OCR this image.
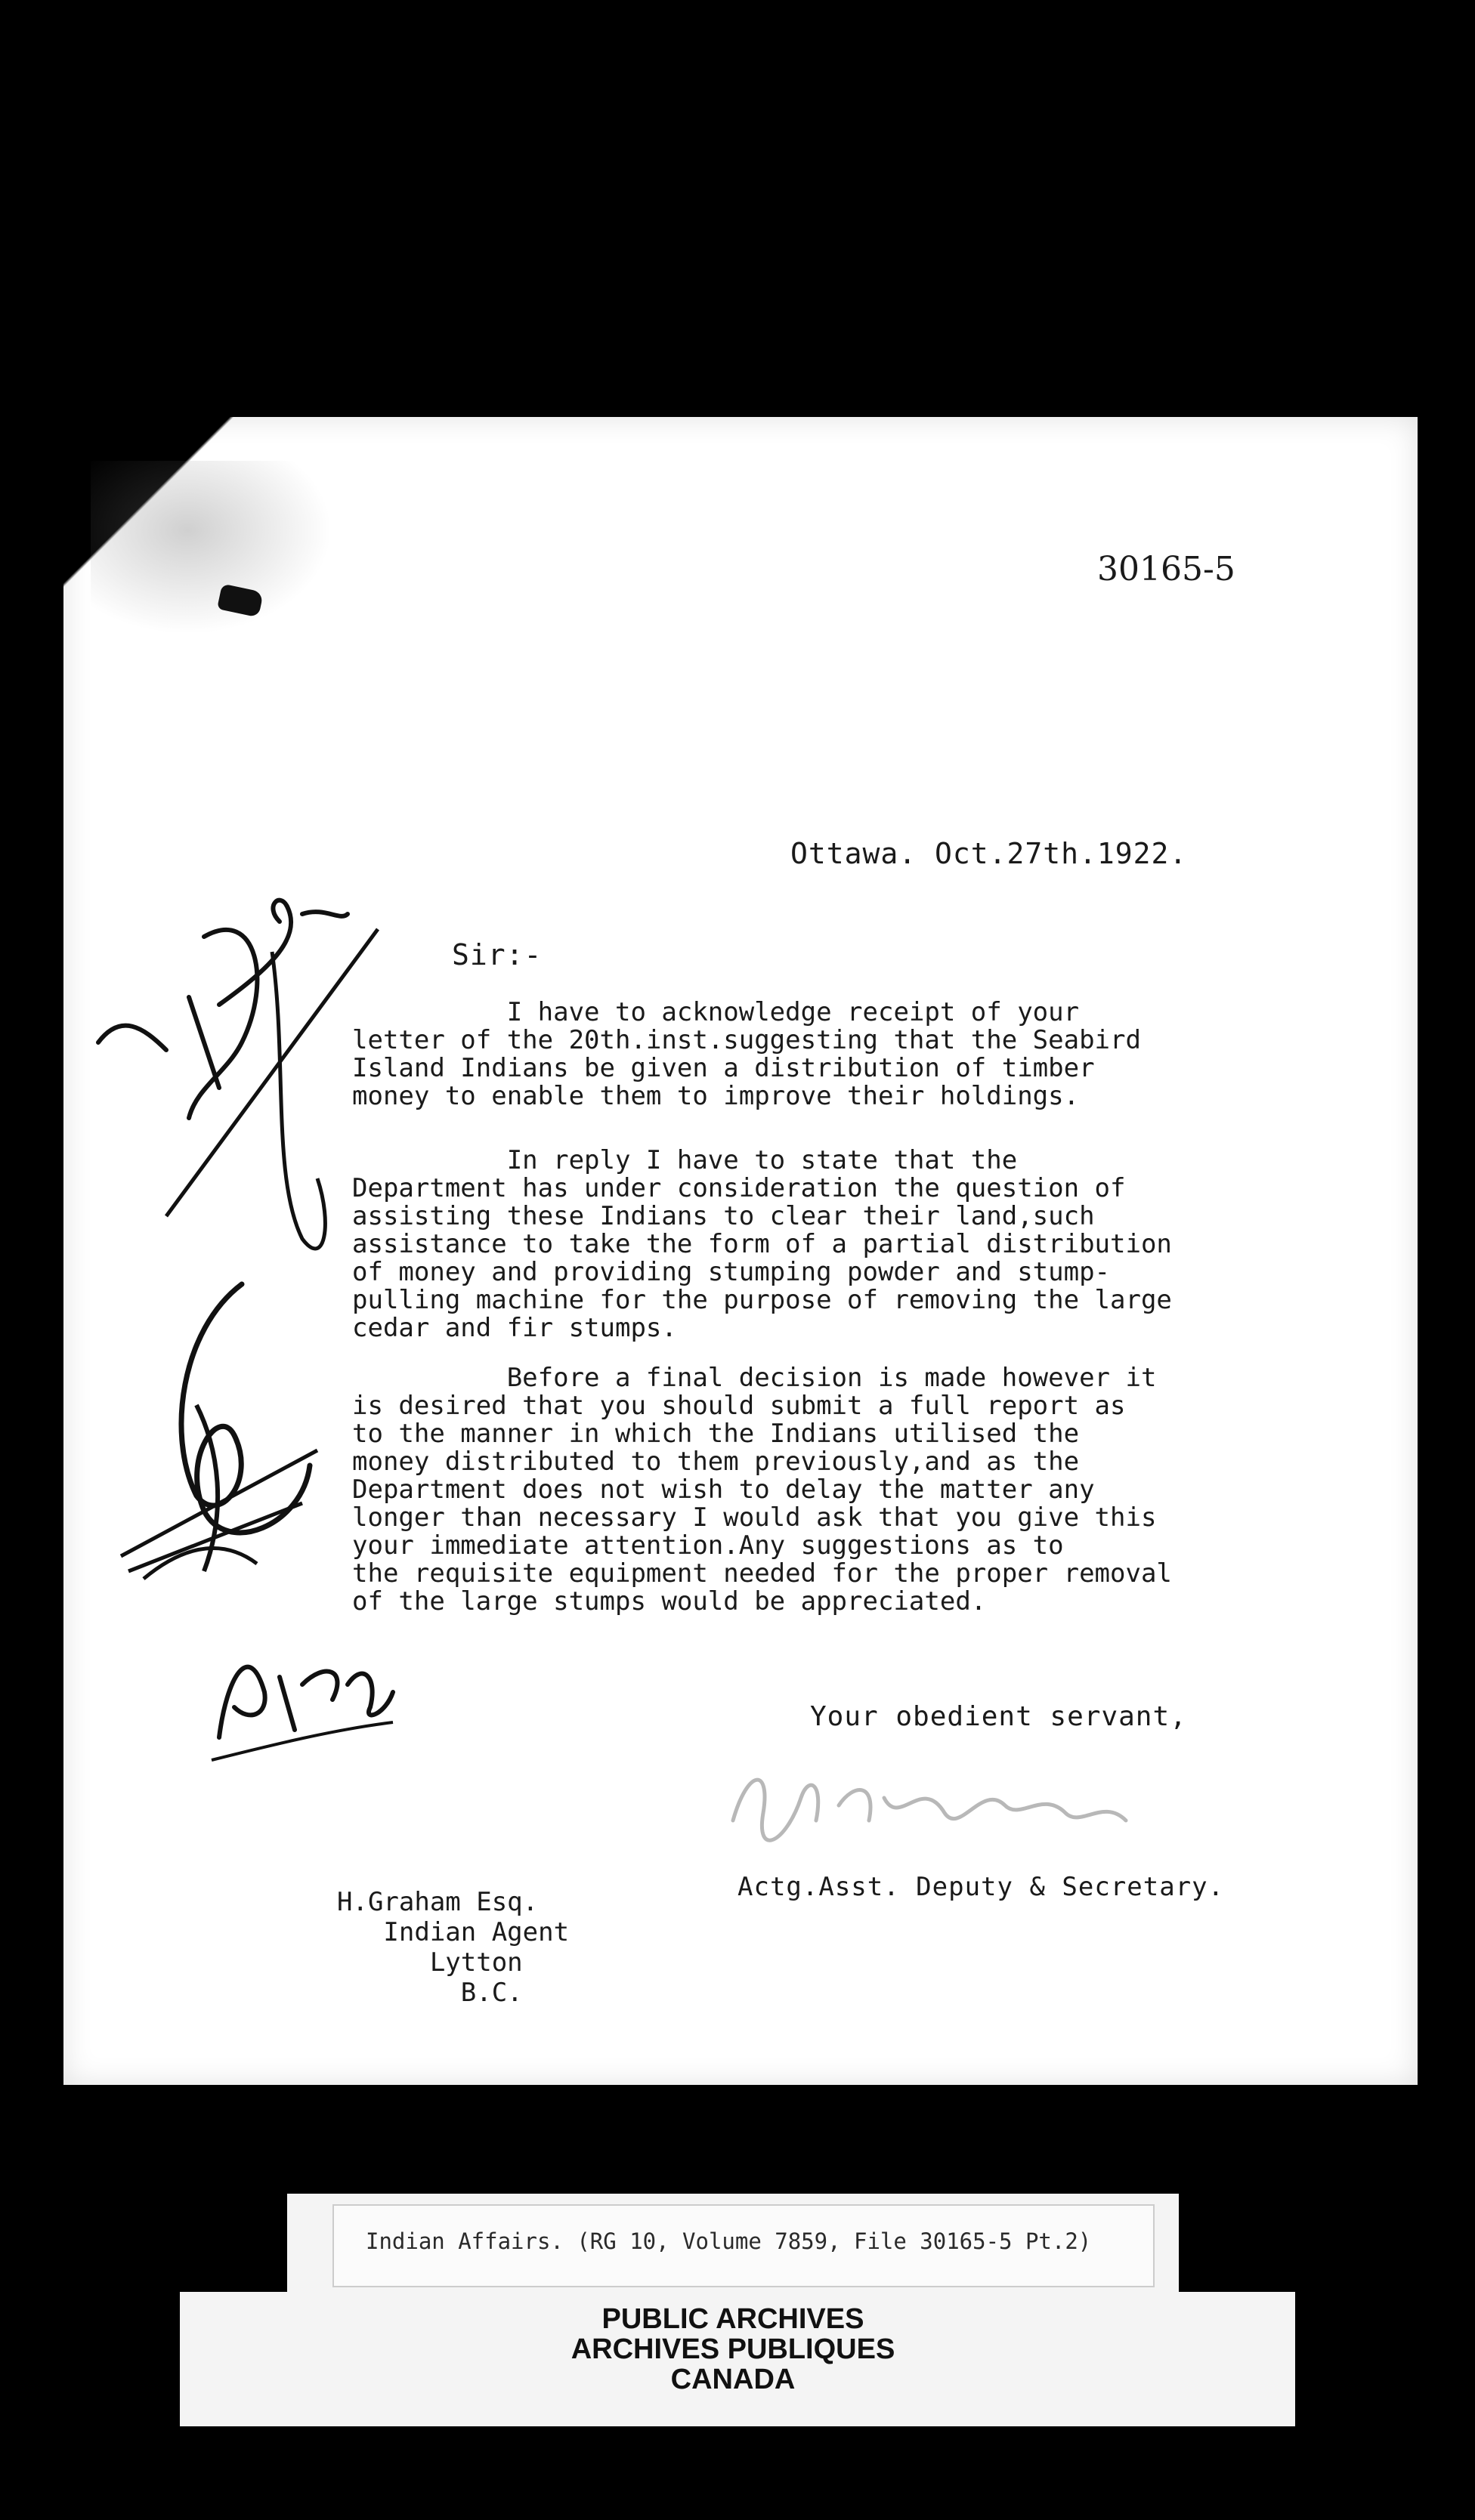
30165-5
Ottawa. Oct.27th.1922.
Sir:-
I have to acknowledge receipt of your
letter of the 20th.inst.suggesting that the Seabird
Island Indians be given a distribution of timber
money to enable them to improve their holdings.
In reply I have to state that the
Department has under consideration the question of
assisting these Indians to clear their land,such
assistance to take the form of a partial distribution
of money and providing stumping powder and stump-
pulling machine for the purpose of removing the large
cedar and fir stumps.
Before a final decision is made however it
is desired that you should submit a full report as
to the manner in which the Indians utilised the
money distributed to them previously,and as the
Department does not wish to delay the matter any
longer than necessary I would ask that you give this
your immediate attention.Any suggestions as to
the requisite equipment needed for the proper removal
of the large stumps would be appreciated.
Your obedient servant,
Actg.Asst. Deputy & Secretary.
H.Graham Esq.
Indian Agent
Lytton
B.C.
Indian Affairs. (RG 10, Volume 7859, File 30165-5 Pt.2)
PUBLIC ARCHIVES
ARCHIVES PUBLIQUES
CANADA
